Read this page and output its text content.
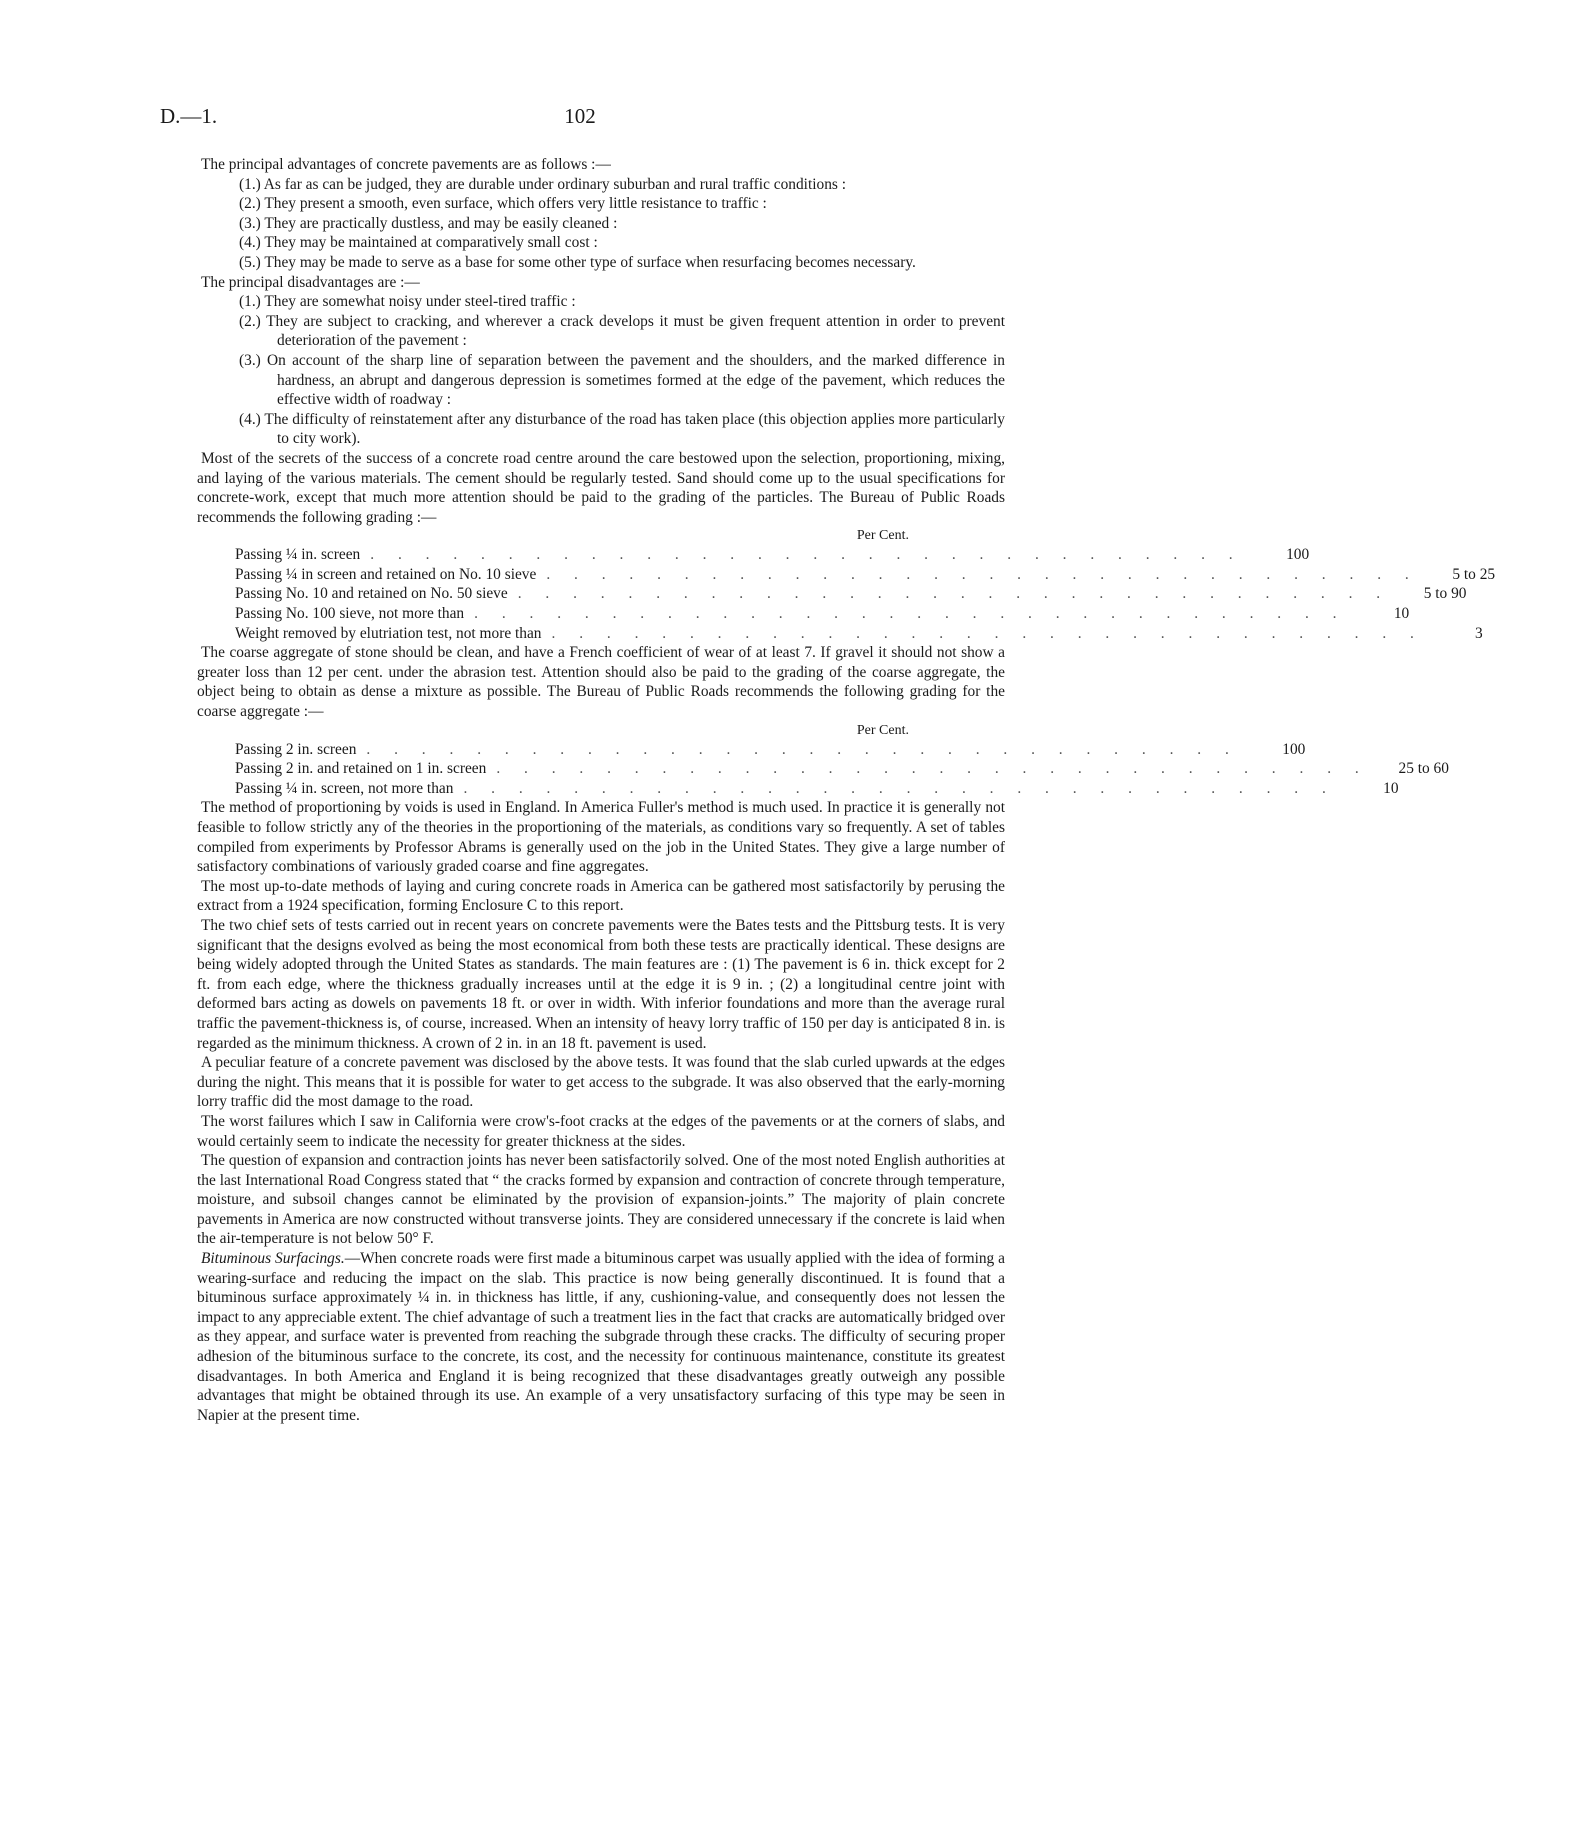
D.—1.	102

The principal advantages of concrete pavements are as follows :—

(1.) As far as can be judged, they are durable under ordinary suburban and rural traffic conditions :

(2.) They present a smooth, even surface, which offers very little resistance to traffic :

(3.) They are practically dustless, and may be easily cleaned :

(4.) They may be maintained at comparatively small cost :

(5.) They may be made to serve as a base for some other type of surface when resurfacing becomes necessary.

The principal disadvantages are :—

(1.) They are somewhat noisy under steel-tired traffic :

(2.) They are subject to cracking, and wherever a crack develops it must be given frequent attention in order to prevent deterioration of the pavement :

(3.) On account of the sharp line of separation between the pavement and the shoulders, and the marked difference in hardness, an abrupt and dangerous depression is sometimes formed at the edge of the pavement, which reduces the effective width of roadway :

(4.) The difficulty of reinstatement after any disturbance of the road has taken place (this objection applies more particularly to city work).

Most of the secrets of the success of a concrete road centre around the care bestowed upon the selection, proportioning, mixing, and laying of the various materials. The cement should be regularly tested. Sand should come up to the usual specifications for concrete-work, except that much more attention should be paid to the grading of the particles. The Bureau of Public Roads recommends the following grading :—

Per Cent.
Passing ¼ in. screen . . . . . . . . . . . . . . . . . . . . . . . . . . . . . . . .	100
Passing ¼ in screen and retained on No. 10 sieve . . . . . . . . . . . . . . . . . . . . . . . . . . . . . . . .	5 to 25
Passing No. 10 and retained on No. 50 sieve . . . . . . . . . . . . . . . . . . . . . . . . . . . . . . . .	5 to 90
Passing No. 100 sieve, not more than . . . . . . . . . . . . . . . . . . . . . . . . . . . . . . . .	10
Weight removed by elutriation test, not more than . . . . . . . . . . . . . . . . . . . . . . . . . . . . . . . .	3

The coarse aggregate of stone should be clean, and have a French coefficient of wear of at least 7. If gravel it should not show a greater loss than 12 per cent. under the abrasion test. Attention should also be paid to the grading of the coarse aggregate, the object being to obtain as dense a mixture as possible. The Bureau of Public Roads recommends the following grading for the coarse aggregate :—

Per Cent.
Passing 2 in. screen . . . . . . . . . . . . . . . . . . . . . . . . . . . . . . . .	100
Passing 2 in. and retained on 1 in. screen . . . . . . . . . . . . . . . . . . . . . . . . . . . . . . . .	25 to 60
Passing ¼ in. screen, not more than . . . . . . . . . . . . . . . . . . . . . . . . . . . . . . . .	10

The method of proportioning by voids is used in England. In America Fuller's method is much used. In practice it is generally not feasible to follow strictly any of the theories in the proportioning of the materials, as conditions vary so frequently. A set of tables compiled from experiments by Professor Abrams is generally used on the job in the United States. They give a large number of satisfactory combinations of variously graded coarse and fine aggregates.

The most up-to-date methods of laying and curing concrete roads in America can be gathered most satisfactorily by perusing the extract from a 1924 specification, forming Enclosure C to this report.

The two chief sets of tests carried out in recent years on concrete pavements were the Bates tests and the Pittsburg tests. It is very significant that the designs evolved as being the most economical from both these tests are practically identical. These designs are being widely adopted through the United States as standards. The main features are : (1) The pavement is 6 in. thick except for 2 ft. from each edge, where the thickness gradually increases until at the edge it is 9 in. ; (2) a longitudinal centre joint with deformed bars acting as dowels on pavements 18 ft. or over in width. With inferior foundations and more than the average rural traffic the pavement-thickness is, of course, increased. When an intensity of heavy lorry traffic of 150 per day is anticipated 8 in. is regarded as the minimum thickness. A crown of 2 in. in an 18 ft. pavement is used.

A peculiar feature of a concrete pavement was disclosed by the above tests. It was found that the slab curled upwards at the edges during the night. This means that it is possible for water to get access to the subgrade. It was also observed that the early-morning lorry traffic did the most damage to the road.

The worst failures which I saw in California were crow's-foot cracks at the edges of the pavements or at the corners of slabs, and would certainly seem to indicate the necessity for greater thickness at the sides.

The question of expansion and contraction joints has never been satisfactorily solved. One of the most noted English authorities at the last International Road Congress stated that “ the cracks formed by expansion and contraction of concrete through temperature, moisture, and subsoil changes cannot be eliminated by the provision of expansion-joints.” The majority of plain concrete pavements in America are now constructed without transverse joints. They are considered unnecessary if the concrete is laid when the air-temperature is not below 50° F.

Bituminous Surfacings.—When concrete roads were first made a bituminous carpet was usually applied with the idea of forming a wearing-surface and reducing the impact on the slab. This practice is now being generally discontinued. It is found that a bituminous surface approximately ¼ in. in thickness has little, if any, cushioning-value, and consequently does not lessen the impact to any appreciable extent. The chief advantage of such a treatment lies in the fact that cracks are automatically bridged over as they appear, and surface water is prevented from reaching the subgrade through these cracks. The difficulty of securing proper adhesion of the bituminous surface to the concrete, its cost, and the necessity for continuous maintenance, constitute its greatest disadvantages. In both America and England it is being recognized that these disadvantages greatly outweigh any possible advantages that might be obtained through its use. An example of a very unsatisfactory surfacing of this type may be seen in Napier at the present time.
